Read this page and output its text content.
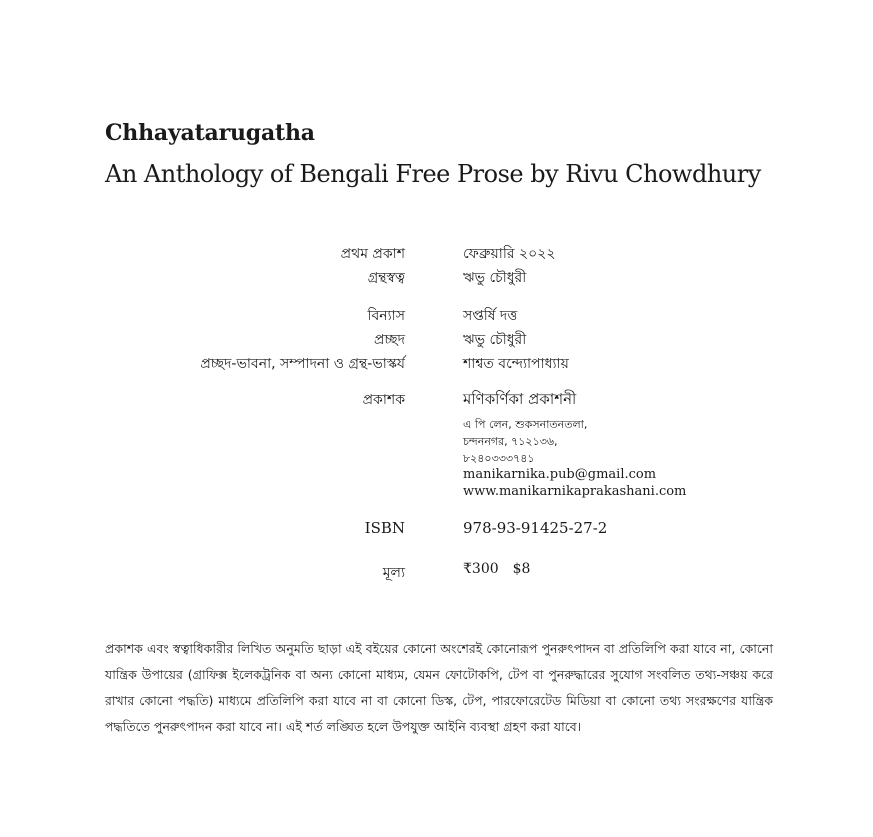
Chhayatarugatha
An Anthology of Bengali Free Prose by Rivu Chowdhury
প্রথম প্রকাশ	ফেব্রুয়ারি ২০২২
গ্রন্থস্বত্ব	ঋভু চৌধুরী
বিন্যাস	সপ্তর্ষি দত্ত
প্রচ্ছদ	ঋভু চৌধুরী
প্রচ্ছদ-ভাবনা, সম্পাদনা ও গ্রন্থ-ভাস্কর্য	শাশ্বত বন্দ্যোপাধ্যায়
প্রকাশক	মণিকর্ণিকা প্রকাশনী
এ পি লেন, শুকসনাতনতলা,
চন্দননগর, ৭১২১৩৬,
৮২৪০৩৩৩৭৪১
manikarnika.pub@gmail.com
www.manikarnikaprakashani.com
ISBN	978-93-91425-27-2
মূল্য	₹300 $8

প্রকাশক এবং স্বত্বাধিকারীর লিখিত অনুমতি ছাড়া এই বইয়ের কোনো অংশেরই কোনোরূপ পুনরুৎপাদন বা প্রতিলিপি করা যাবে না, কোনো যান্ত্রিক উপায়ের (গ্রাফিক্স ইলেকট্রনিক বা অন্য কোনো মাধ্যম, যেমন ফোটোকপি, টেপ বা পুনরুদ্ধারের সুযোগ সংবলিত তথ্য-সঞ্চয় করে রাখার কোনো পদ্ধতি) মাধ্যমে প্রতিলিপি করা যাবে না বা কোনো ডিস্ক, টেপ, পারফোরেটেড মিডিয়া বা কোনো তথ্য সংরক্ষণের যান্ত্রিক পদ্ধতিতে পুনরুৎপাদন করা যাবে না। এই শর্ত লঙ্ঘিত হলে উপযুক্ত আইনি ব্যবস্থা গ্রহণ করা যাবে।
